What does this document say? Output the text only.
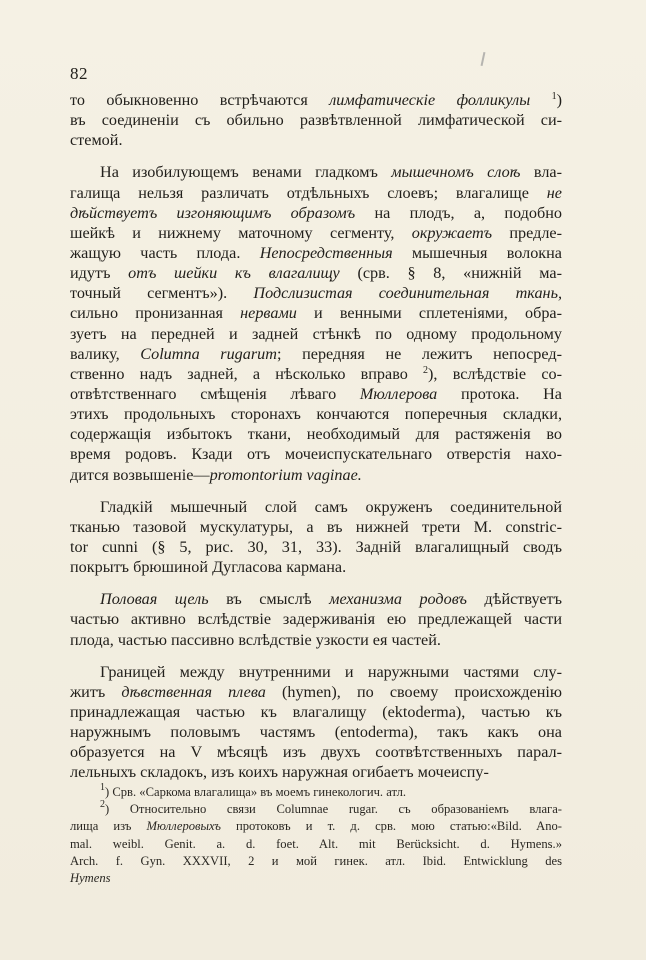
82
то обыкновенно встрѣчаются лимфатическіе фолликулы $^1$)
въ соединеніи съ обильно развѣтвленной лимфатической си-
стемой.
На изобилующемъ венами гладкомъ мышечномъ слоѣ вла-
галища нельзя различать отдѣльныхъ слоевъ; влагалище не
дѣйствуетъ изгоняющимъ образомъ на плодъ, а, подобно
шейкѣ и нижнему маточному сегменту, окружаетъ предле-
жащую часть плода. Непосредственныя мышечныя волокна
идутъ отъ шейки къ влагалищу (срв. § 8, «нижній ма-
точный сегментъ»). Подслизистая соединительная ткань,
сильно пронизанная нервами и венными сплетеніями, обра-
зуетъ на передней и задней стѣнкѣ по одному продольному
валику, Columna rugarum; передняя не лежитъ непосред-
ственно надъ задней, а нѣсколько вправо $^2$), вслѣдствіе со-
отвѣтственнаго смѣщенія лѣваго Мюллерова протока. На
этихъ продольныхъ сторонахъ кончаются поперечныя складки,
содержащія избытокъ ткани, необходимый для растяженія во
время родовъ. Кзади отъ мочеиспускательнаго отверстія нахо-
дится возвышеніе—promontorium vaginae.
Гладкій мышечный слой самъ окруженъ соединительной
тканью тазовой мускулатуры, а въ нижней трети M. constric-
tor cunni (§ 5, рис. 30, 31, 33). Задній влагалищный сводъ
покрытъ брюшиной Дугласова кармана.
Половая щель въ смыслѣ механизма родовъ дѣйствуетъ
частью активно вслѣдствіе задерживанія ею предлежащей части
плода, частью пассивно вслѣдствіе узкости ея частей.
Границей между внутренними и наружными частями слу-
житъ дѣвственная плева (hymen), по своему происхожденію
принадлежащая частью къ влагалищу (ektoderma), частью къ
наружнымъ половымъ частямъ (entoderma), такъ какъ она
образуется на V мѣсяцѣ изъ двухъ соотвѣтственныхъ парал-
лельныхъ складокъ, изъ коихъ наружная огибаетъ мочеиспу-
$^1$) Срв. «Саркома влагалища» въ моемъ гинекологич. атл.
$^2$) Относительно связи Columnae rugar. съ образованіемъ влага-
лища изъ Мюллеровыхъ протоковъ и т. д. срв. мою статью:«Bild. Ano-
mal. weibl. Genit. a. d. foet. Alt. mit Berücksicht. d. Hymens.»
Arch. f. Gyn. XXXVII, 2 и мой гинек. атл. Ibid. Entwicklung des
Hymens
